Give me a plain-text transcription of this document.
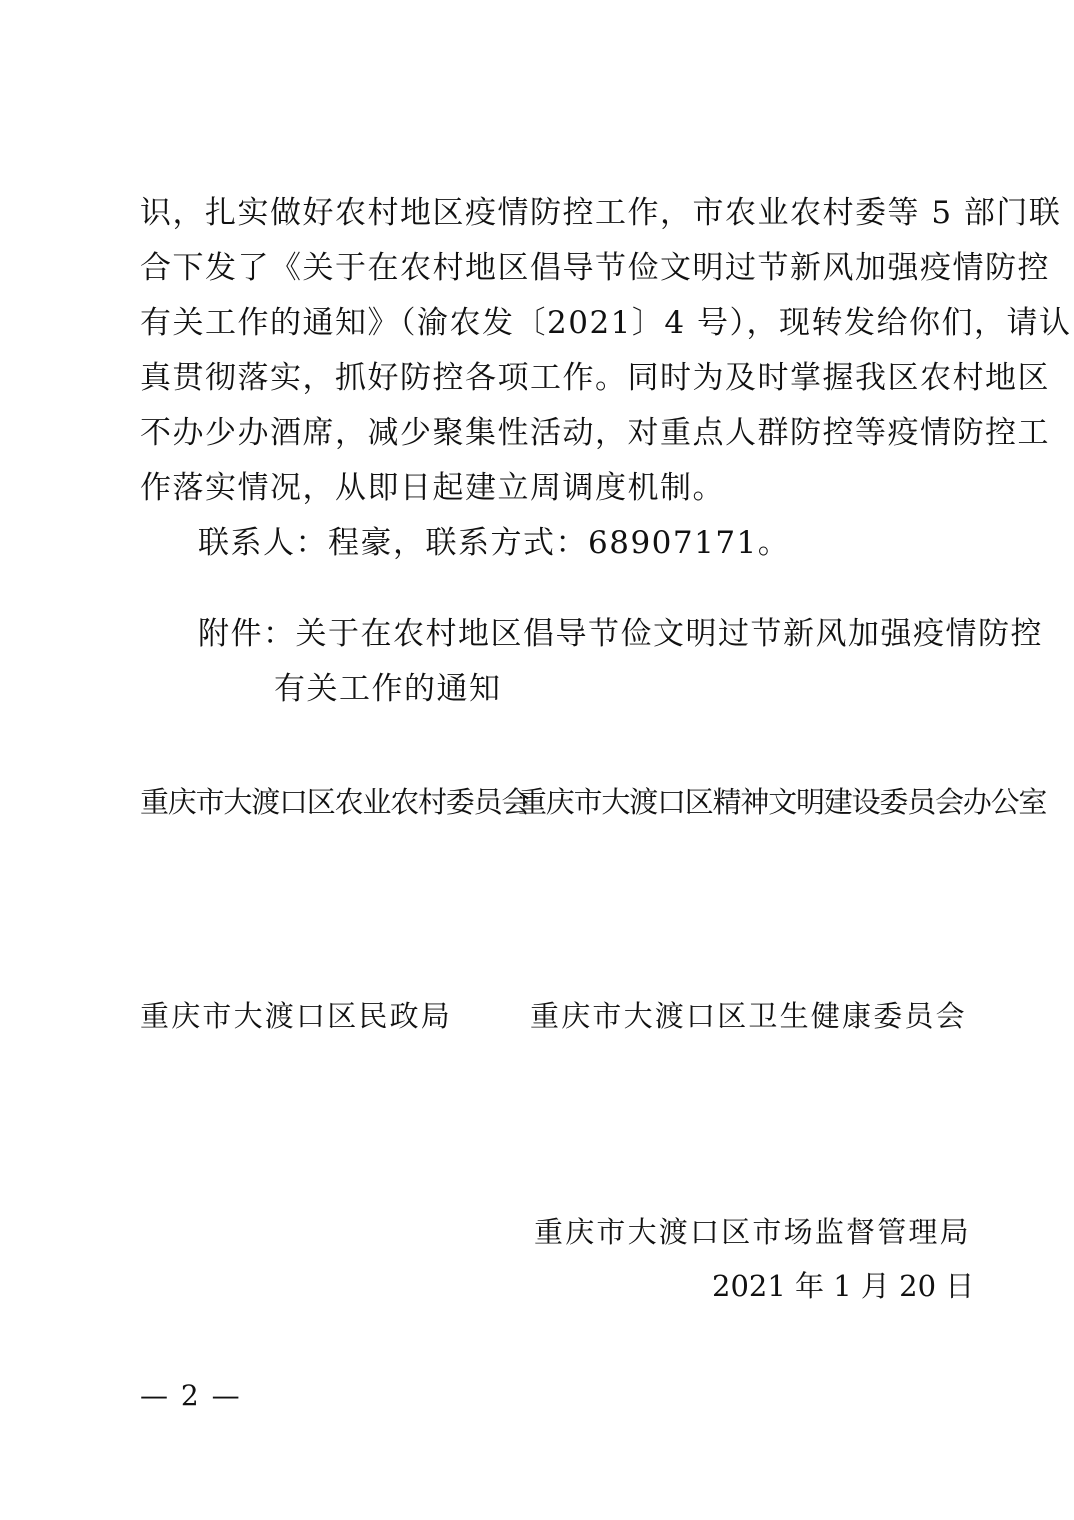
识，扎实做好农村地区疫情防控工作，市农业农村委等 5 部门联
合下发了《关于在农村地区倡导节俭文明过节新风加强疫情防控
有关工作的通知》（渝农发〔2021〕4 号），现转发给你们，请认
真贯彻落实，抓好防控各项工作。同时为及时掌握我区农村地区
不办少办酒席，减少聚集性活动，对重点人群防控等疫情防控工
作落实情况，从即日起建立周调度机制。
联系人：程豪，联系方式：68907171。
附件：关于在农村地区倡导节俭文明过节新风加强疫情防控
有关工作的通知
重庆市大渡口区农业农村委员会
重庆市大渡口区精神文明建设委员会办公室
重庆市大渡口区民政局	重庆市大渡口区卫生健康委员会
重庆市大渡口区市场监督管理局
2021 年 1 月 20 日
— 2 —
